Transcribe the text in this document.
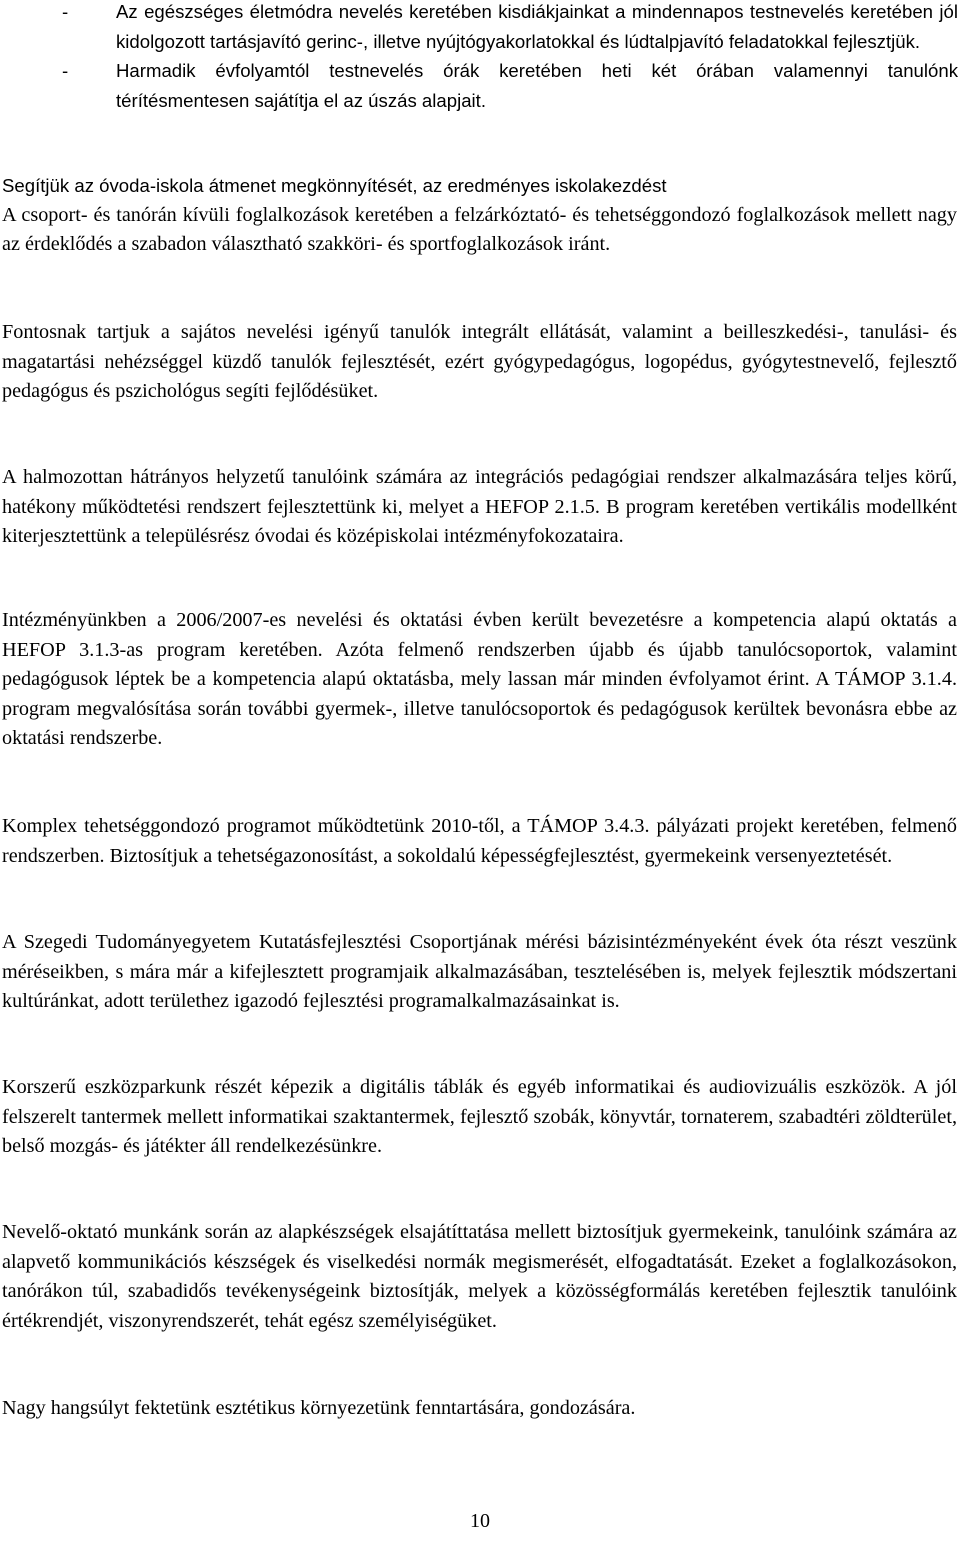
-	Az egészséges életmódra nevelés keretében kisdiákjainkat a mindennapos testnevelés keretében jól kidolgozott tartásjavító gerinc-, illetve nyújtógyakorlatokkal és lúdtalpjavító feladatokkal fejlesztjük.
-	Harmadik évfolyamtól testnevelés órák keretében heti két órában valamennyi tanulónk térítésmentesen sajátítja el az úszás alapjait.

Segítjük az óvoda-iskola átmenet megkönnyítését, az eredményes iskolakezdést

A csoport- és tanórán kívüli foglalkozások keretében a felzárkóztató- és tehetséggondozó foglalkozások mellett nagy az érdeklődés a szabadon választható szakköri- és sportfoglalkozások iránt.

Fontosnak tartjuk a sajátos nevelési igényű tanulók integrált ellátását, valamint a beilleszkedési-, tanulási- és magatartási nehézséggel küzdő tanulók fejlesztését, ezért gyógypedagógus, logopédus, gyógytestnevelő, fejlesztő pedagógus és pszichológus segíti fejlődésüket.

A halmozottan hátrányos helyzetű tanulóink számára az integrációs pedagógiai rendszer alkalmazására teljes körű, hatékony működtetési rendszert fejlesztettünk ki, melyet a HEFOP 2.1.5. B program keretében vertikális modellként kiterjesztettünk a településrész óvodai és középiskolai intézményfokozataira.

Intézményünkben a 2006/2007-es nevelési és oktatási évben került bevezetésre a kompetencia alapú oktatás a HEFOP 3.1.3-as program keretében. Azóta felmenő rendszerben újabb és újabb tanulócsoportok, valamint pedagógusok léptek be a kompetencia alapú oktatásba, mely lassan már minden évfolyamot érint. A TÁMOP 3.1.4. program megvalósítása során további gyermek-, illetve tanulócsoportok és pedagógusok kerültek bevonásra ebbe az oktatási rendszerbe.

Komplex tehetséggondozó programot működtetünk 2010-től, a TÁMOP 3.4.3. pályázati projekt keretében, felmenő rendszerben. Biztosítjuk a tehetségazonosítást, a sokoldalú képességfejlesztést, gyermekeink versenyeztetését.

A Szegedi Tudományegyetem Kutatásfejlesztési Csoportjának mérési bázisintézményeként évek óta részt veszünk méréseikben, s mára már a kifejlesztett programjaik alkalmazásában, tesztelésében is, melyek fejlesztik módszertani kultúránkat, adott területhez igazodó fejlesztési programalkalmazásainkat is.

Korszerű eszközparkunk részét képezik a digitális táblák és egyéb informatikai és audiovizuális eszközök. A jól felszerelt tantermek mellett informatikai szaktantermek, fejlesztő szobák, könyvtár, tornaterem, szabadtéri zöldterület, belső mozgás- és játékter áll rendelkezésünkre.

Nevelő-oktató munkánk során az alapkészségek elsajátíttatása mellett biztosítjuk gyermekeink, tanulóink számára az alapvető kommunikációs készségek és viselkedési normák megismerését, elfogadtatását. Ezeket a foglalkozásokon, tanórákon túl, szabadidős tevékenységeink biztosítják, melyek a közösségformálás keretében fejlesztik tanulóink értékrendjét, viszonyrendszerét, tehát egész személyiségüket.

Nagy hangsúlyt fektetünk esztétikus környezetünk fenntartására, gondozására.

10
